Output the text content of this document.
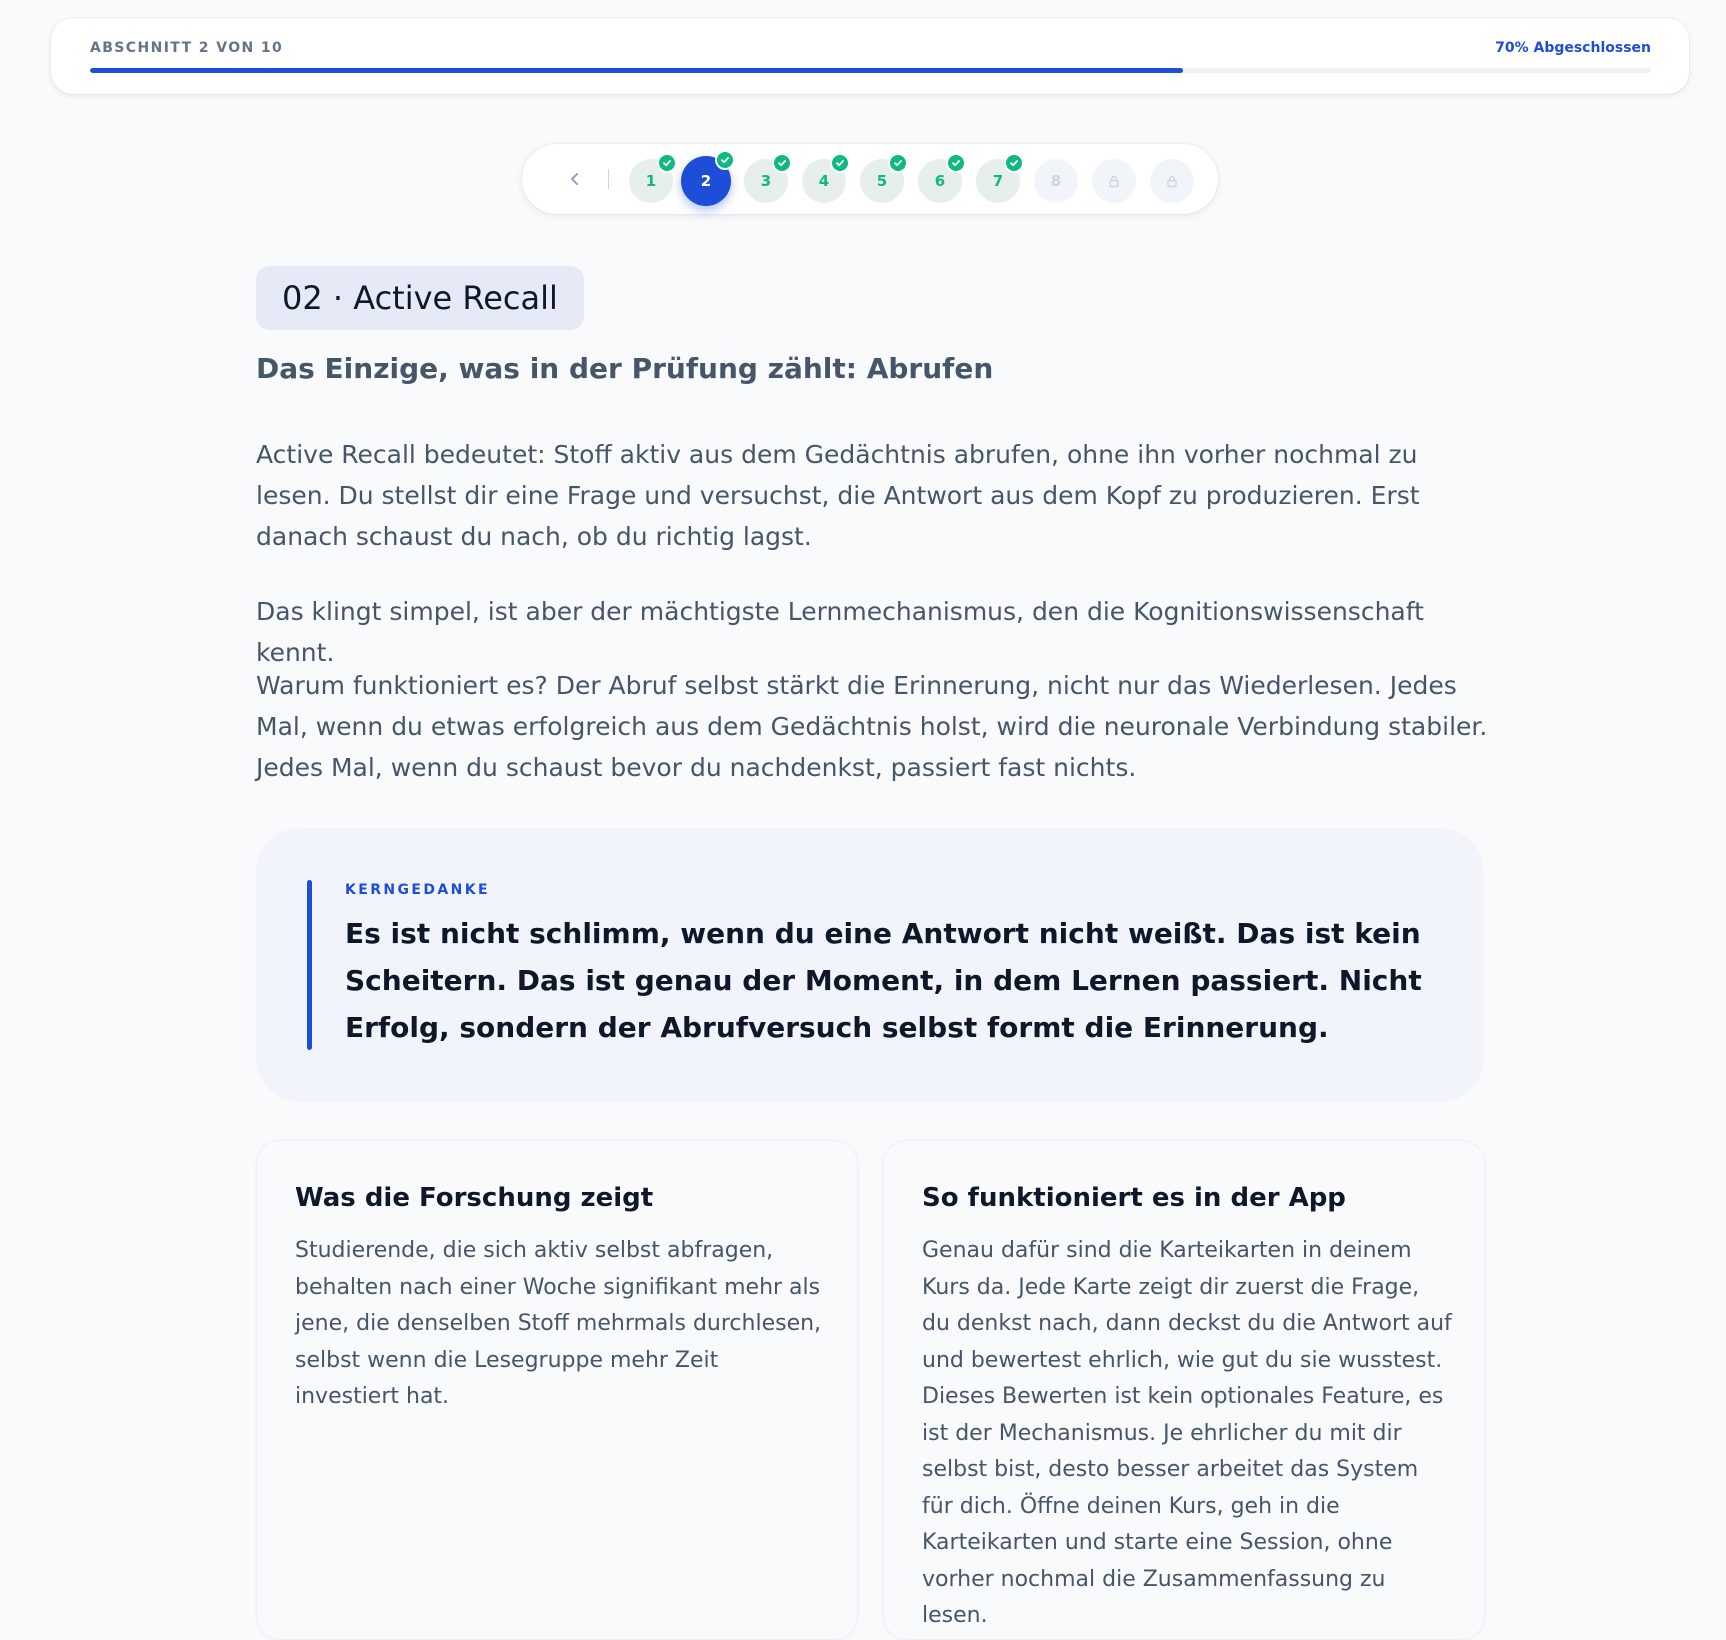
ABSCHNITT 2 VON 10	70% Abgeschlossen
1	2	3	4	5	6	7	8
02 · Active Recall
Das Einzige, was in der Prüfung zählt: Abrufen

Active Recall bedeutet: Stoff aktiv aus dem Gedächtnis abrufen, ohne ihn vorher nochmal zu lesen. Du stellst dir eine Frage und versuchst, die Antwort aus dem Kopf zu produzieren. Erst danach schaust du nach, ob du richtig lagst.

Das klingt simpel, ist aber der mächtigste Lernmechanismus, den die Kognitionswissenschaft kennt.

Warum funktioniert es? Der Abruf selbst stärkt die Erinnerung, nicht nur das Wiederlesen. Jedes Mal, wenn du etwas erfolgreich aus dem Gedächtnis holst, wird die neuronale Verbindung stabiler. Jedes Mal, wenn du schaust bevor du nachdenkst, passiert fast nichts.

KERNGEDANKE
Es ist nicht schlimm, wenn du eine Antwort nicht weißt. Das ist kein Scheitern. Das ist genau der Moment, in dem Lernen passiert. Nicht Erfolg, sondern der Abrufversuch selbst formt die Erinnerung.
Was die Forschung zeigt
Studierende, die sich aktiv selbst abfragen, behalten nach einer Woche signifikant mehr als jene, die denselben Stoff mehrmals durchlesen, selbst wenn die Lesegruppe mehr Zeit investiert hat.
So funktioniert es in der App
Genau dafür sind die Karteikarten in deinem Kurs da. Jede Karte zeigt dir zuerst die Frage, du denkst nach, dann deckst du die Antwort auf und bewertest ehrlich, wie gut du sie wusstest. Dieses Bewerten ist kein optionales Feature, es ist der Mechanismus. Je ehrlicher du mit dir selbst bist, desto besser arbeitet das System für dich. Öffne deinen Kurs, geh in die Karteikarten und starte eine Session, ohne vorher nochmal die Zusammenfassung zu lesen.
